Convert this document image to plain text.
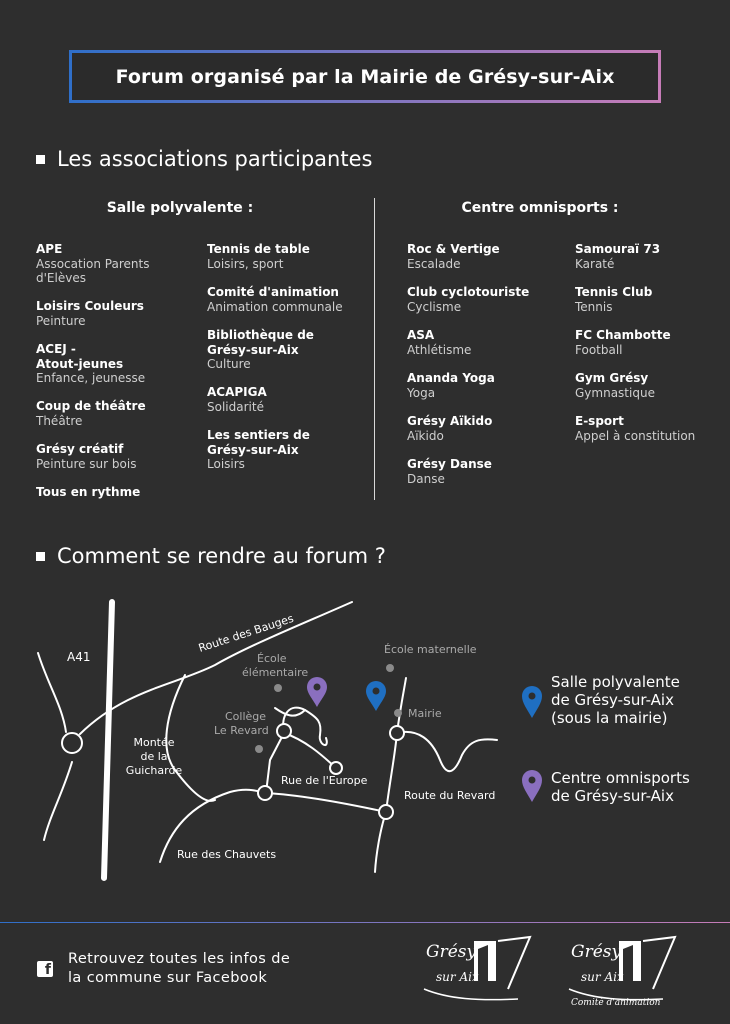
Forum organisé par la Mairie de Grésy-sur-Aix
Les associations participantes
Salle polyvalente :	Centre omnisports :
APE
Assocation Parents
d'Elèves
Loisirs Couleurs
Peinture
ACEJ -
Atout-jeunes
Enfance, jeunesse
Coup de théâtre
Théâtre
Grésy créatif
Peinture sur bois
Tous en rythme
Tennis de table
Loisirs, sport
Comité d'animation
Animation communale
Bibliothèque de
Grésy-sur-Aix
Culture
ACAPIGA
Solidarité
Les sentiers de
Grésy-sur-Aix
Loisirs
Roc & Vertige
Escalade
Club cyclotouriste
Cyclisme
ASA
Athlétisme
Ananda Yoga
Yoga
Grésy Aïkido
Aïkido
Grésy Danse
Danse
Samouraï 73
Karaté
Tennis Club
Tennis
FC Chambotte
Football
Gym Grésy
Gymnastique
E-sport
Appel à constitution
Comment se rendre au forum ?
A41
Route des Bauges
École
élémentaire
École maternelle
Collège
Le Revard
Mairie
Montée
de la
Guicharde
Rue de l'Europe
Route du Revard
Rue des Chauvets
Salle polyvalente
de Grésy-sur-Aix
(sous la mairie)
Centre omnisports
de Grésy-sur-Aix
f
Retrouvez toutes les infos de
la commune sur Facebook
Grésy
sur Aix
Grésy
sur Aix
Comité d'animation
